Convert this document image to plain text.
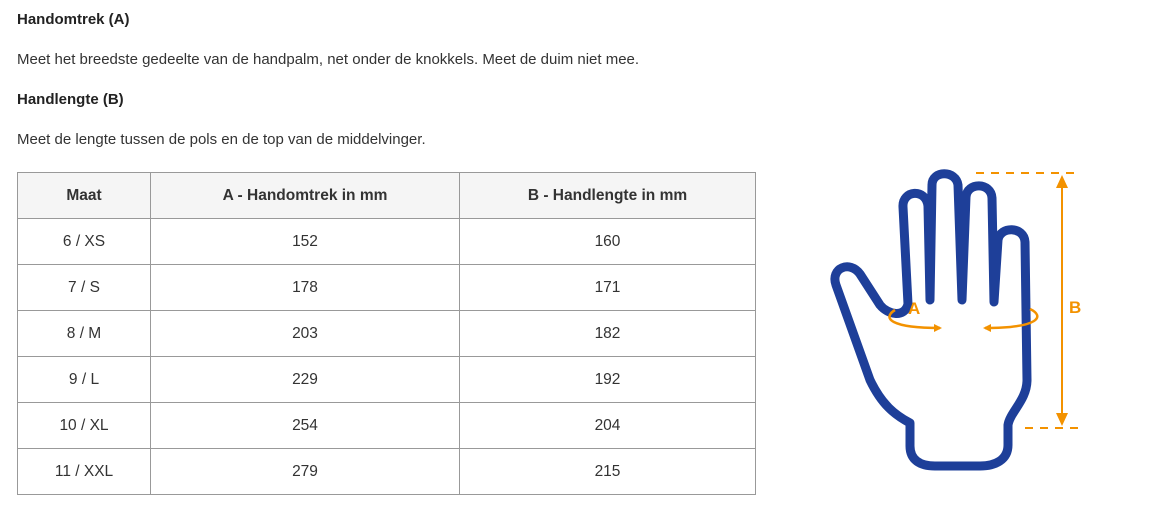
Handomtrek (A)
Meet het breedste gedeelte van de handpalm, net onder de knokkels. Meet de duim niet mee.
Handlengte (B)
Meet de lengte tussen de pols en de top van de middelvinger.
Maat	A - Handomtrek in mm	B - Handlengte in mm
6 / XS	152	160
7 / S	178	171
8 / M	203	182
9 / L	229	192
10 / XL	254	204
11 / XXL	279	215
A	B
